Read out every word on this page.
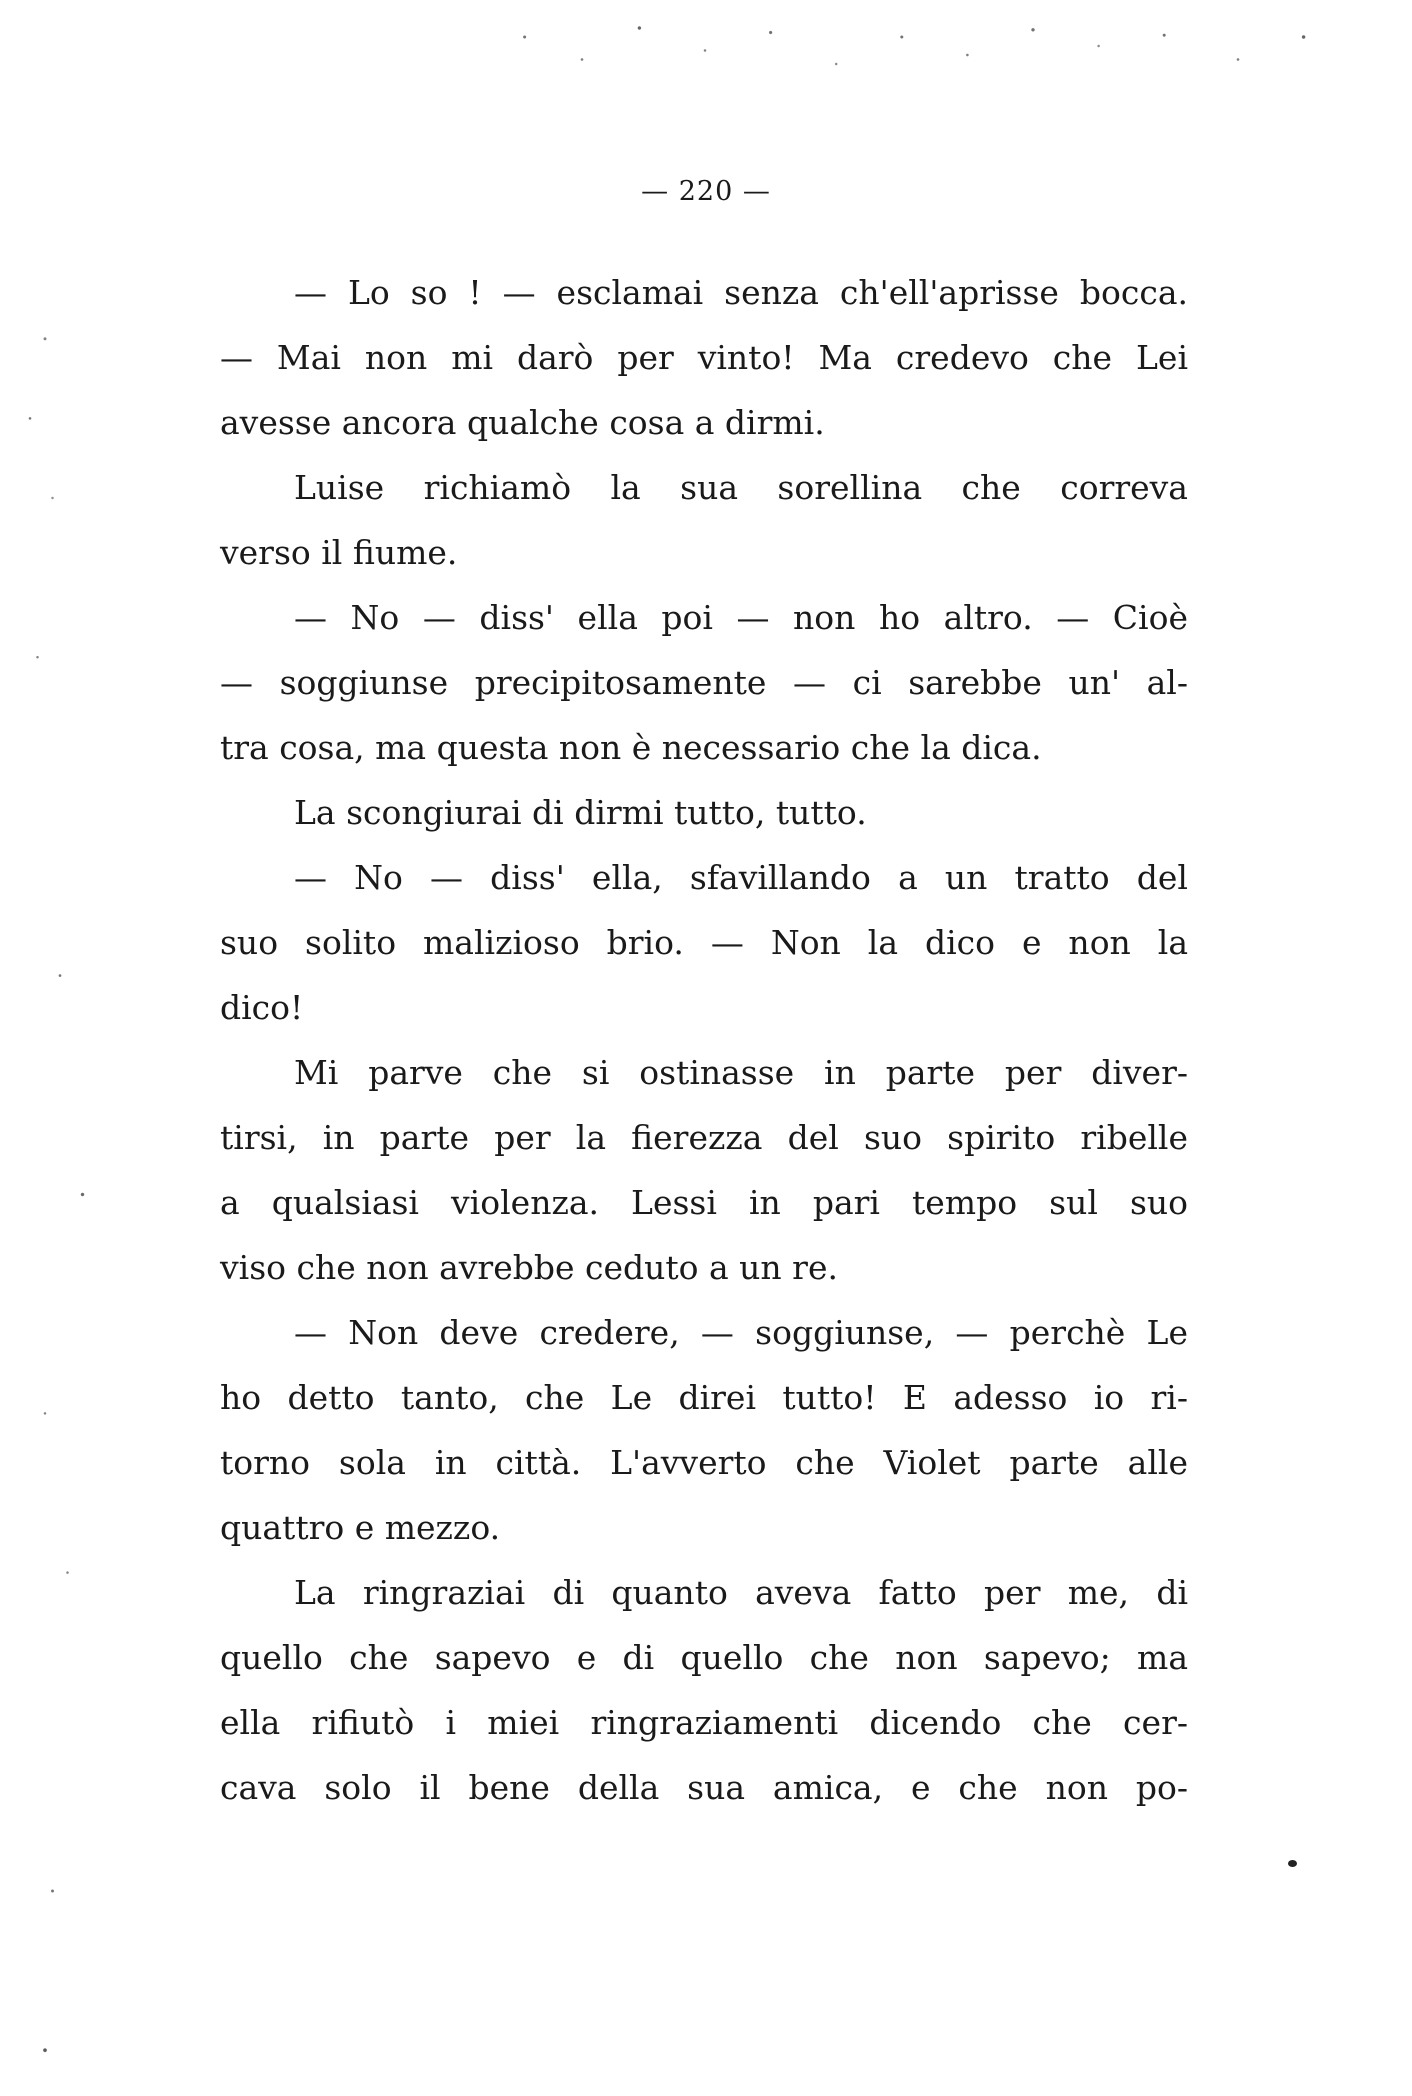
— 220 —
— Lo so ! — esclamai senza ch'ell'aprisse bocca.
— Mai non mi darò per vinto! Ma credevo che Lei
avesse ancora qualche cosa a dirmi.
Luise richiamò la sua sorellina che correva
verso il fiume.
— No — diss' ella poi — non ho altro. — Cioè
— soggiunse precipitosamente — ci sarebbe un' al-
tra cosa, ma questa non è necessario che la dica.
La scongiurai di dirmi tutto, tutto.
— No — diss' ella, sfavillando a un tratto del
suo solito malizioso brio. — Non la dico e non la
dico!
Mi parve che si ostinasse in parte per diver-
tirsi, in parte per la fierezza del suo spirito ribelle
a qualsiasi violenza. Lessi in pari tempo sul suo
viso che non avrebbe ceduto a un re.
— Non deve credere, — soggiunse, — perchè Le
ho detto tanto, che Le direi tutto! E adesso io ri-
torno sola in città. L'avverto che Violet parte alle
quattro e mezzo.
La ringraziai di quanto aveva fatto per me, di
quello che sapevo e di quello che non sapevo; ma
ella rifiutò i miei ringraziamenti dicendo che cer-
cava solo il bene della sua amica, e che non po-
